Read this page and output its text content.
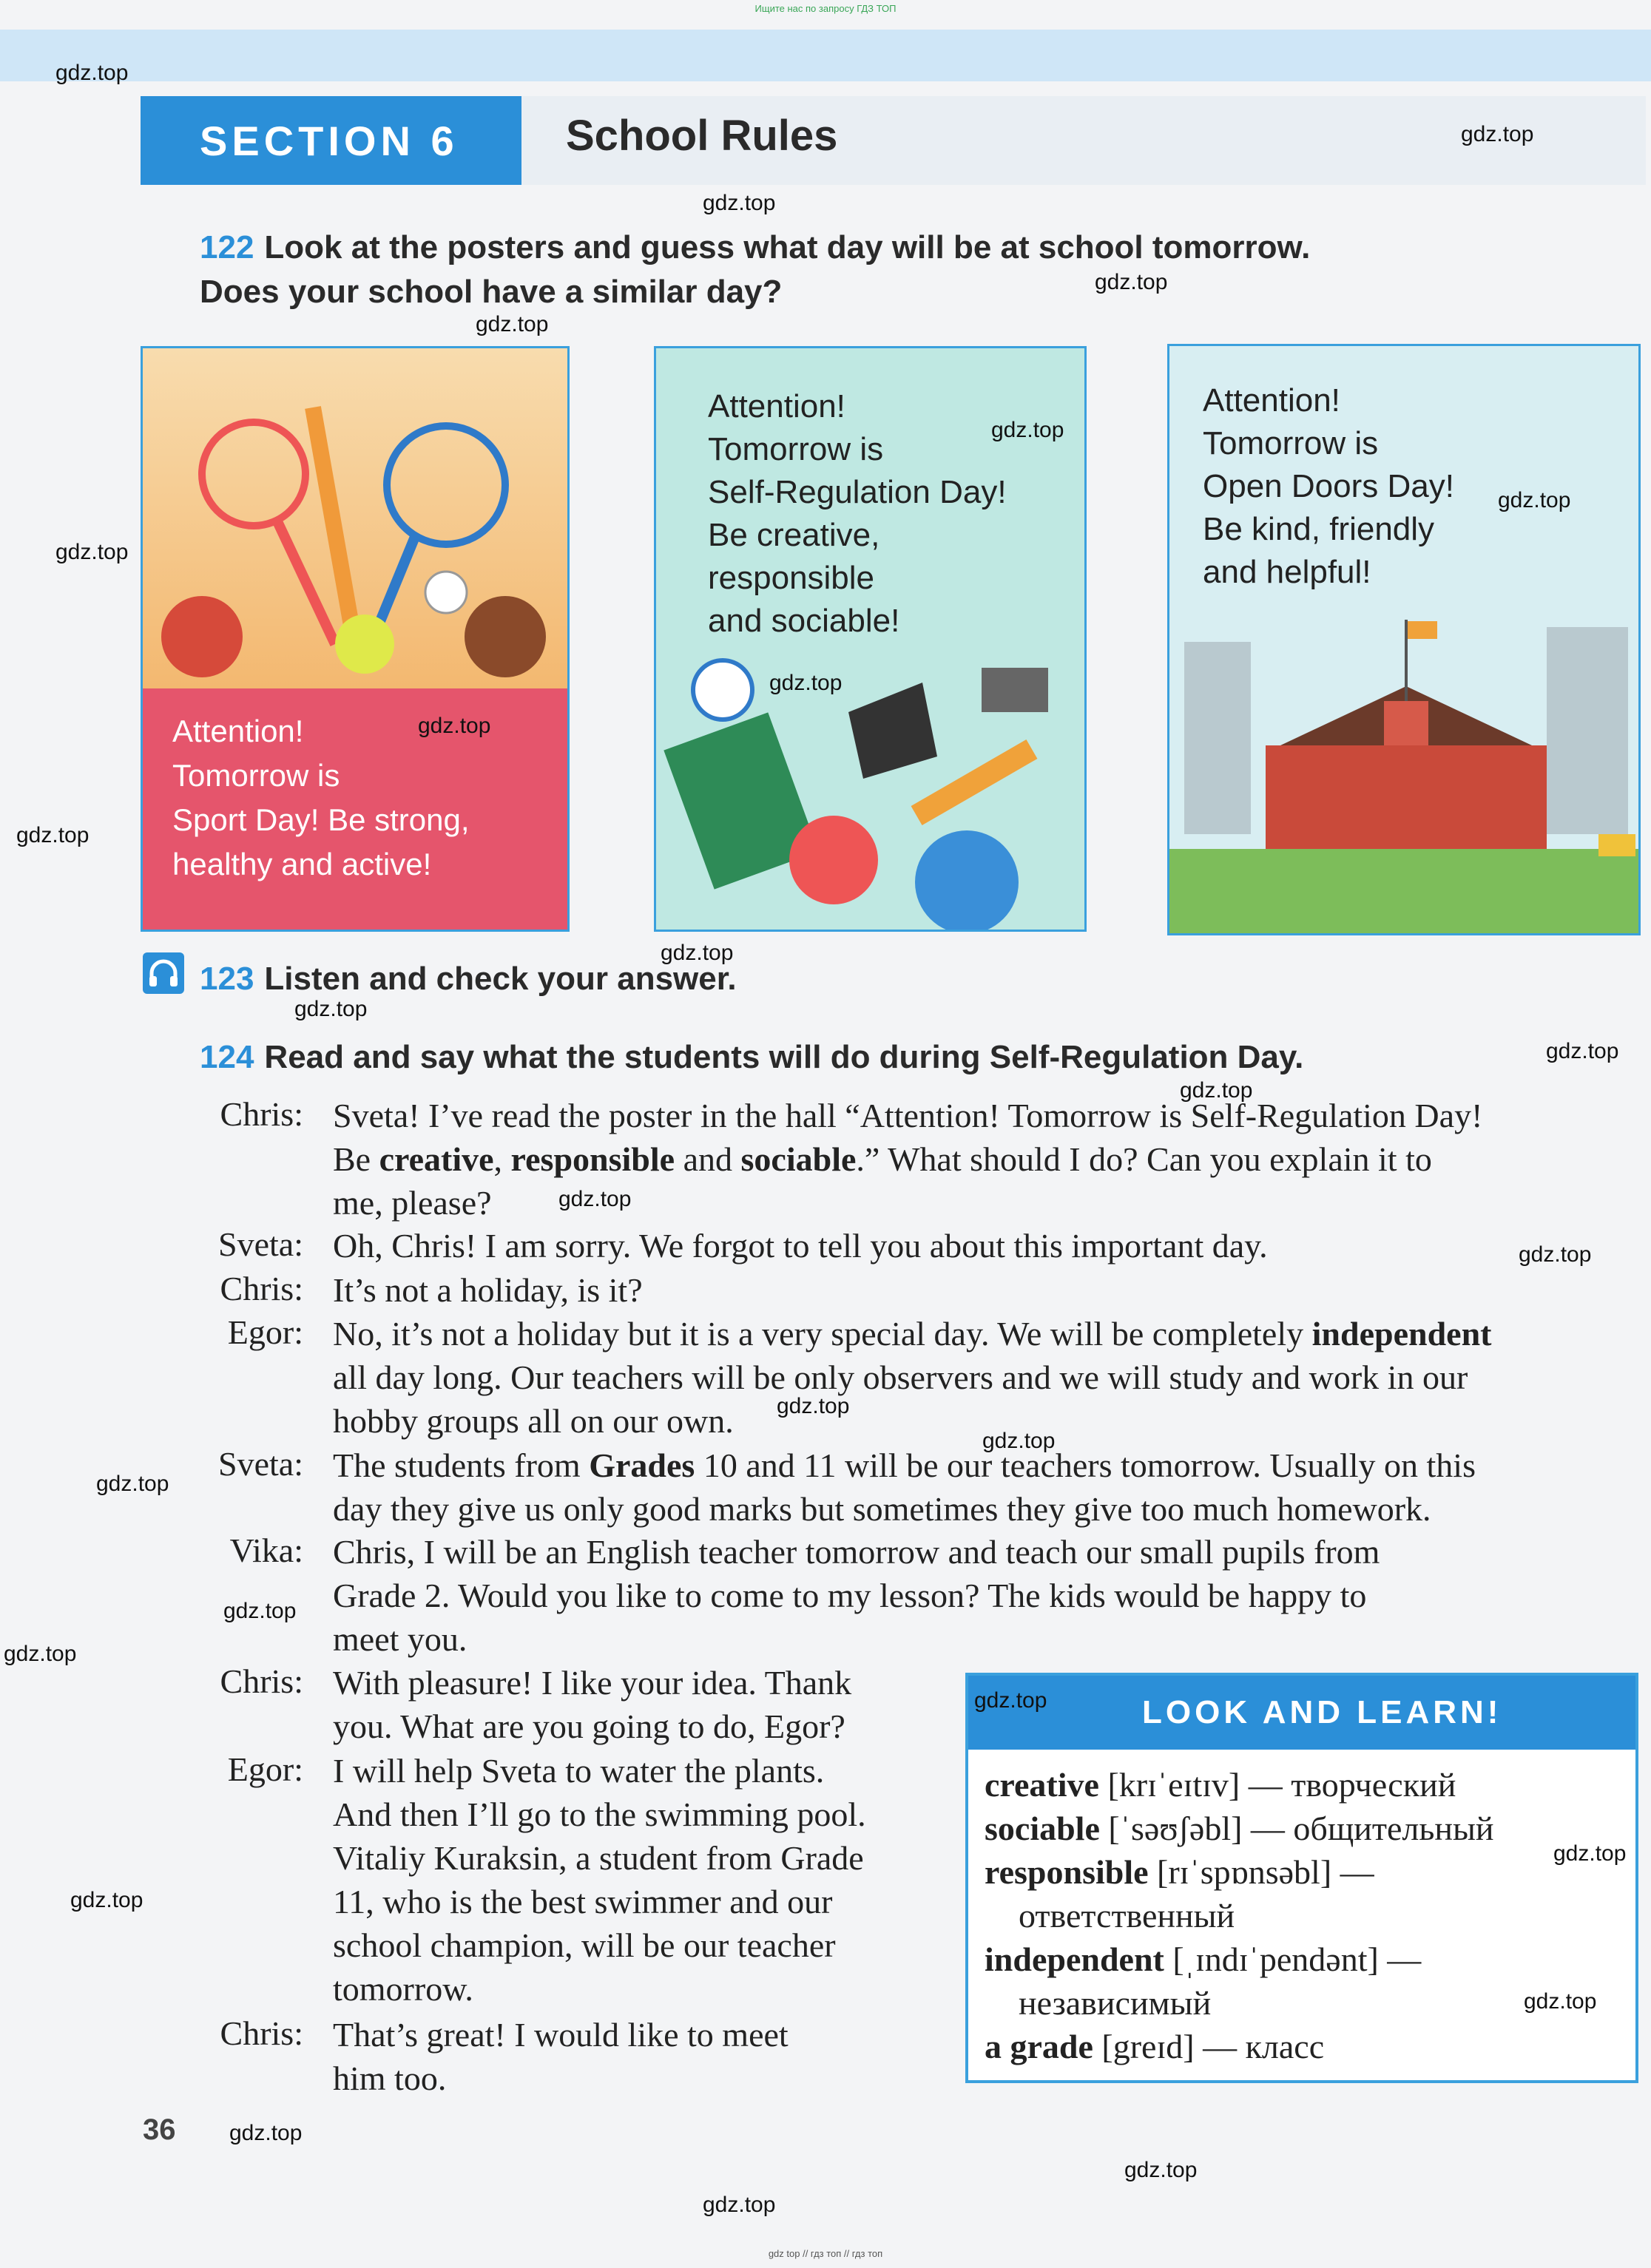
Ищите нас по запросу ГДЗ ТОП
SECTION 6	School Rules
122 Look at the posters and guess what day will be at school tomorrow.
Does your school have a similar day?
Attention!
Tomorrow is
Sport Day! Be strong,
healthy and active!
Attention!
Tomorrow is
Self-Regulation Day!
Be creative,
responsible
and sociable!
Attention!
Tomorrow is
Open Doors Day!
Be kind, friendly
and helpful!
123 Listen and check your answer.
124 Read and say what the students will do during Self-Regulation Day.
Chris: Sveta! I’ve read the poster in the hall “Attention! Tomorrow is Self-Regulation Day!
Be creative, responsible and sociable.” What should I do? Can you explain it to
me, please?
Sveta: Oh, Chris! I am sorry. We forgot to tell you about this important day.
Chris: It’s not a holiday, is it?
Egor: No, it’s not a holiday but it is a very special day. We will be completely independent
all day long. Our teachers will be only observers and we will study and work in our
hobby groups all on our own.
Sveta: The students from Grades 10 and 11 will be our teachers tomorrow. Usually on this
day they give us only good marks but sometimes they give too much homework.
Vika: Chris, I will be an English teacher tomorrow and teach our small pupils from
Grade 2. Would you like to come to my lesson? The kids would be happy to
meet you.
Chris: With pleasure! I like your idea. Thank
you. What are you going to do, Egor?
Egor: I will help Sveta to water the plants.
And then I’ll go to the swimming pool.
Vitaliy Kuraksin, a student from Grade
11, who is the best swimmer and our
school champion, will be our teacher
tomorrow.
Chris: That’s great! I would like to meet
him too.
LOOK AND LEARN!
creative [krɪˈeɪtɪv] — творческий
sociable [ˈsəʊʃəbl] — общительный
responsible [rɪˈspɒnsəbl] —
ответственный
independent [ˌɪndɪˈpendənt] —
независимый
a grade [greɪd] — класс
36
gdz.top
gdz.top
gdz.top
gdz.top
gdz.top
gdz.top
gdz.top
gdz.top
gdz.top
gdz.top
gdz.top
gdz.top
gdz.top
gdz.top
gdz.top
gdz.top
gdz.top
gdz.top
gdz.top
gdz.top
gdz.top
gdz.top
gdz.top
gdz.top
gdz.top
gdz.top
gdz.top
gdz.top
gdz.top
gdz top // гдз топ // гдз топ
